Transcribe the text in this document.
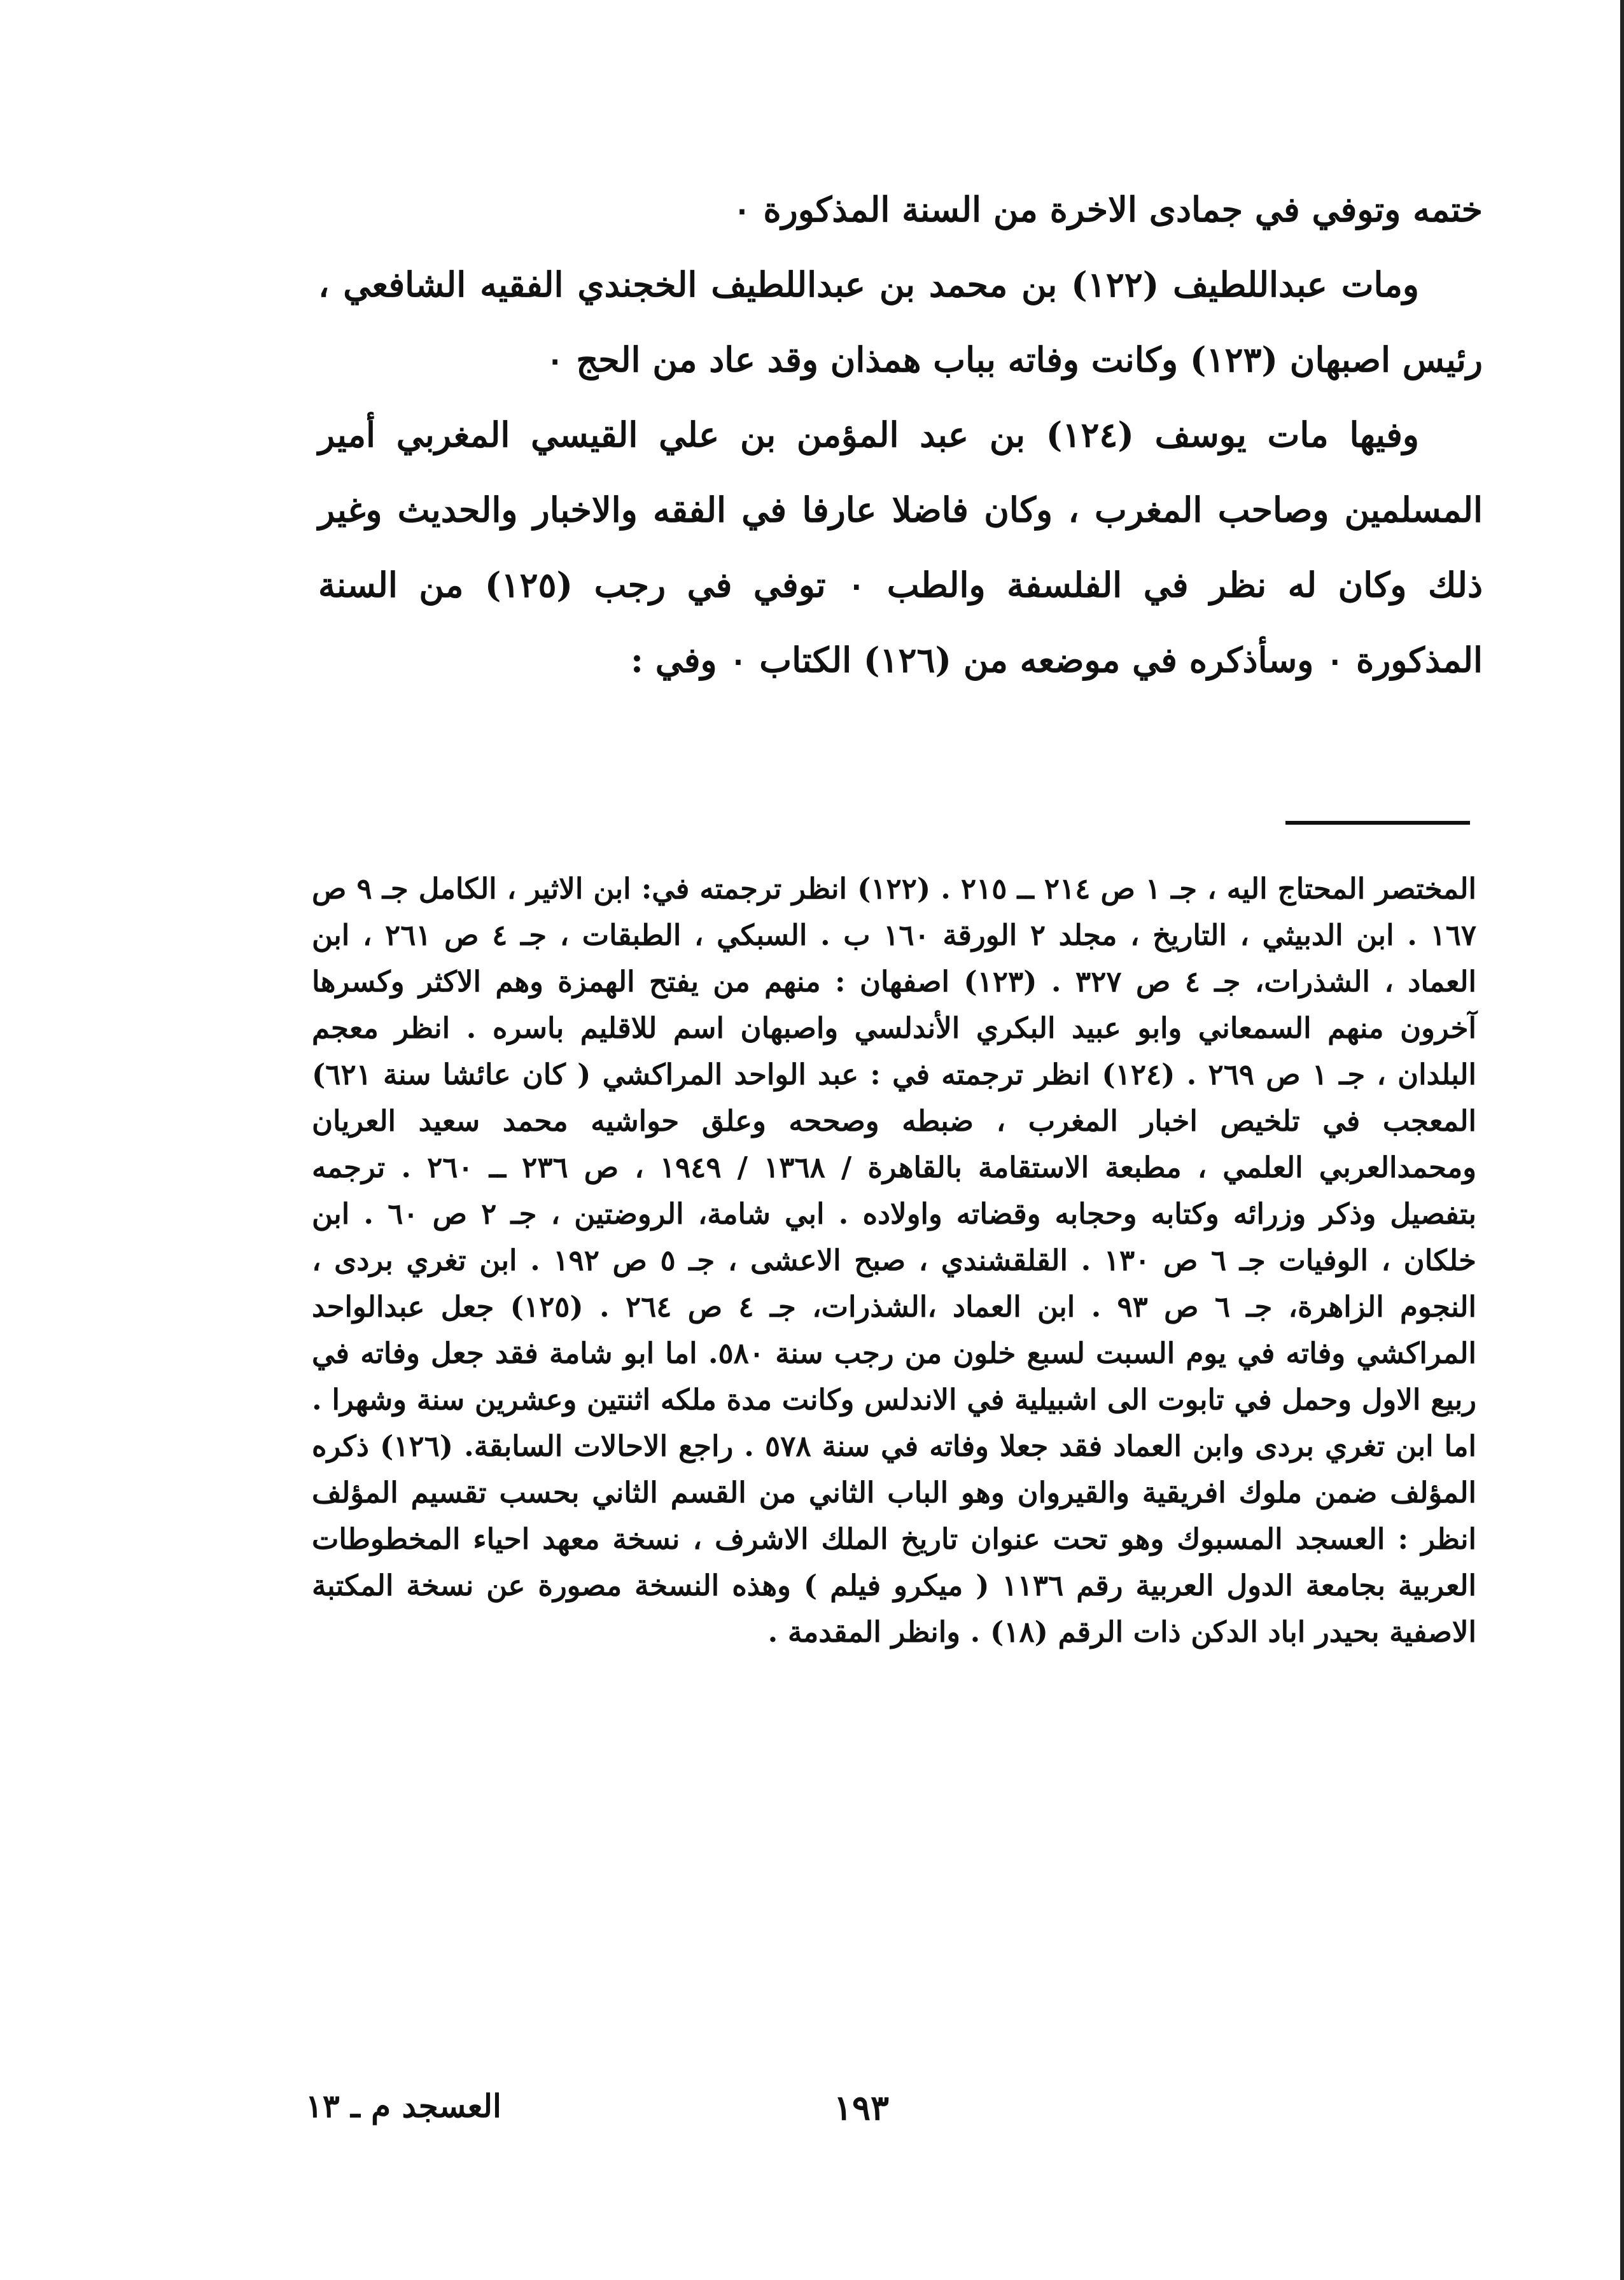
ختمه وتوفي في جمادى الاخرة من السنة المذكورة ٠

ومات عبداللطيف (١٢٢) بن محمد بن عبداللطيف الخجندي الفقيه الشافعي ، رئيس اصبهان (١٢٣) وكانت وفاته بباب همذان وقد عاد من الحج ٠

وفيها مات يوسف (١٢٤) بن عبد المؤمن بن علي القيسي المغربي أمير المسلمين وصاحب المغرب ، وكان فاضلا عارفا في الفقه والاخبار والحديث وغير ذلك وكان له نظر في الفلسفة والطب ٠ توفي في رجب (١٢٥) من السنة المذكورة ٠ وسأذكره في موضعه من (١٢٦) الكتاب ٠ وفي :

المختصر المحتاج اليه ، جـ ١ ص ٢١٤ ــ ٢١٥ . (١٢٢) انظر ترجمته في: ابن الاثير ، الكامل جـ ٩ ص ١٦٧ . ابن الدبيثي ، التاريخ ، مجلد ٢ الورقة ١٦٠ ب . السبكي ، الطبقات ، جـ ٤ ص ٢٦١ ، ابن العماد ، الشذرات، جـ ٤ ص ٣٢٧ . (١٢٣) اصفهان : منهم من يفتح الهمزة وهم الاكثر وكسرها آخرون منهم السمعاني وابو عبيد البكري الأندلسي واصبهان اسم للاقليم باسره . انظر معجم البلدان ، جـ ١ ص ٢٦٩ . (١٢٤) انظر ترجمته في : عبد الواحد المراكشي ( كان عائشا سنة ٦٢١) المعجب في تلخيص اخبار المغرب ، ضبطه وصححه وعلق حواشيه محمد سعيد العريان ومحمدالعربي العلمي ، مطبعة الاستقامة بالقاهرة / ١٣٦٨ / ١٩٤٩ ، ص ٢٣٦ ــ ٢٦٠ . ترجمه بتفصيل وذكر وزرائه وكتابه وحجابه وقضاته واولاده . ابي شامة، الروضتين ، جـ ٢ ص ٦٠ . ابن خلكان ، الوفيات جـ ٦ ص ١٣٠ . القلقشندي ، صبح الاعشى ، جـ ٥ ص ١٩٢ . ابن تغري بردى ، النجوم الزاهرة، جـ ٦ ص ٩٣ . ابن العماد ،الشذرات، جـ ٤ ص ٢٦٤ . (١٢٥) جعل عبدالواحد المراكشي وفاته في يوم السبت لسبع خلون من رجب سنة ٥٨٠. اما ابو شامة فقد جعل وفاته في ربيع الاول وحمل في تابوت الى اشبيلية في الاندلس وكانت مدة ملكه اثنتين وعشرين سنة وشهرا . اما ابن تغري بردى وابن العماد فقد جعلا وفاته في سنة ٥٧٨ . راجع الاحالات السابقة. (١٢٦) ذكره المؤلف ضمن ملوك افريقية والقيروان وهو الباب الثاني من القسم الثاني بحسب تقسيم المؤلف انظر : العسجد المسبوك وهو تحت عنوان تاريخ الملك الاشرف ، نسخة معهد احياء المخطوطات العربية بجامعة الدول العربية رقم ١١٣٦ ( ميكرو فيلم ) وهذه النسخة مصورة عن نسخة المكتبة الاصفية بحيدر اباد الدكن ذات الرقم (١٨) . وانظر المقدمة .

العسجد م ـ ١٣	١٩٣
